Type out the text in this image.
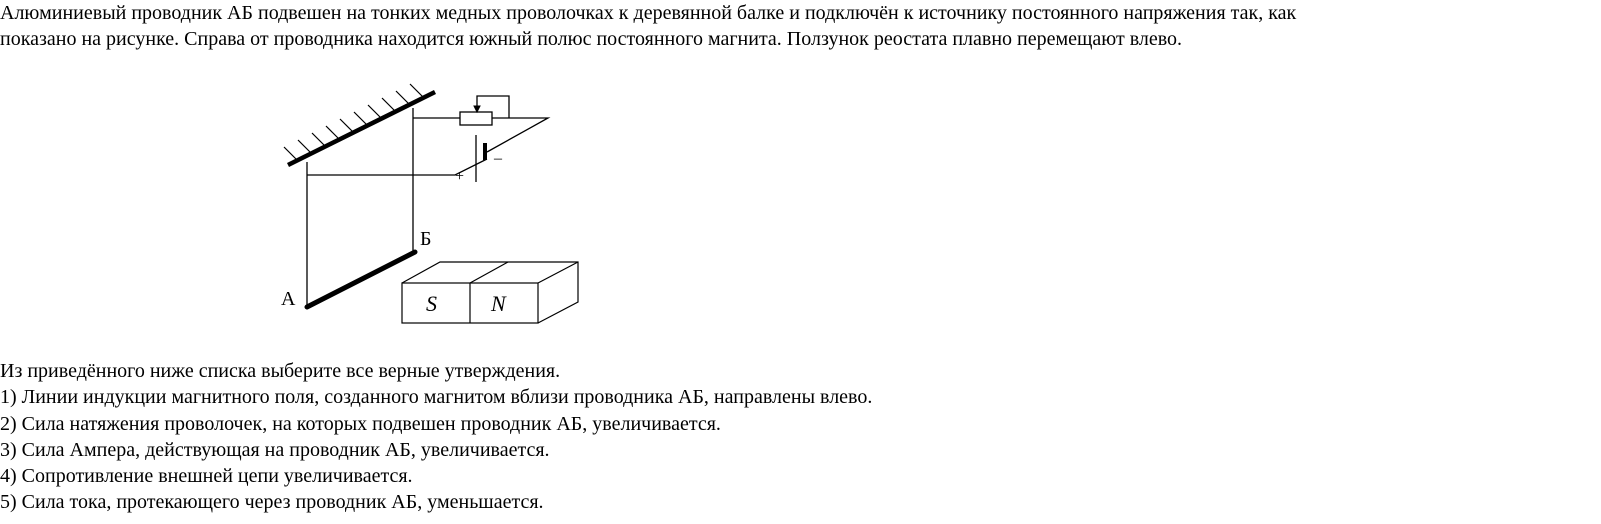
Алюминиевый проводник АБ подвешен на тонких медных проволочках к деревянной балке и подключён к источнику постоянного напряжения так, как
показано на рисунке. Справа от проводника находится южный полюс постоянного магнита. Ползунок реостата плавно перемещают влево.
А
Б
+
–
S N
Из приведённого ниже списка выберите все верные утверждения.
1) Линии индукции магнитного поля, созданного магнитом вблизи проводника АБ, направлены влево.
2) Сила натяжения проволочек, на которых подвешен проводник АБ, увеличивается.
3) Сила Ампера, действующая на проводник АБ, увеличивается.
4) Сопротивление внешней цепи увеличивается.
5) Сила тока, протекающего через проводник АБ, уменьшается.
